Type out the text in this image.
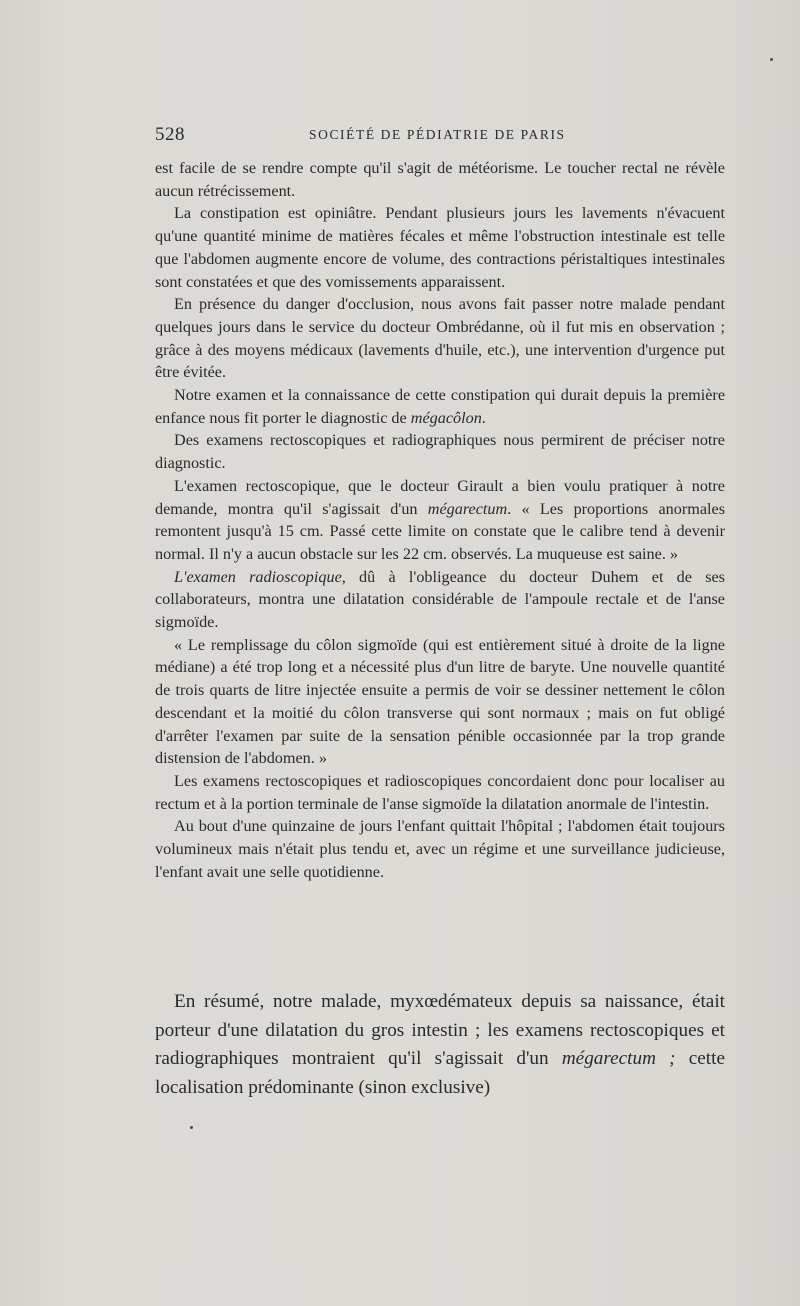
528	SOCIÉTÉ DE PÉDIATRIE DE PARIS

est facile de se rendre compte qu'il s'agit de météorisme. Le toucher rectal ne révèle aucun rétrécissement.

La constipation est opiniâtre. Pendant plusieurs jours les lavements n'évacuent qu'une quantité minime de matières fécales et même l'obstruction intestinale est telle que l'abdomen augmente encore de volume, des contractions péristaltiques intestinales sont constatées et que des vomissements apparaissent.

En présence du danger d'occlusion, nous avons fait passer notre malade pendant quelques jours dans le service du docteur Ombrédanne, où il fut mis en observation ; grâce à des moyens médicaux (lavements d'huile, etc.), une intervention d'urgence put être évitée.

Notre examen et la connaissance de cette constipation qui durait depuis la première enfance nous fit porter le diagnostic de mégacôlon.

Des examens rectoscopiques et radiographiques nous permirent de préciser notre diagnostic.

L'examen rectoscopique, que le docteur Girault a bien voulu pratiquer à notre demande, montra qu'il s'agissait d'un mégarectum. « Les proportions anormales remontent jusqu'à 15 cm. Passé cette limite on constate que le calibre tend à devenir normal. Il n'y a aucun obstacle sur les 22 cm. observés. La muqueuse est saine. »

L'examen radioscopique, dû à l'obligeance du docteur Duhem et de ses collaborateurs, montra une dilatation considérable de l'ampoule rectale et de l'anse sigmoïde.

« Le remplissage du côlon sigmoïde (qui est entièrement situé à droite de la ligne médiane) a été trop long et a nécessité plus d'un litre de baryte. Une nouvelle quantité de trois quarts de litre injectée ensuite a permis de voir se dessiner nettement le côlon descendant et la moitié du côlon transverse qui sont normaux ; mais on fut obligé d'arrêter l'examen par suite de la sensation pénible occasionnée par la trop grande distension de l'abdomen. »

Les examens rectoscopiques et radioscopiques concordaient donc pour localiser au rectum et à la portion terminale de l'anse sigmoïde la dilatation anormale de l'intestin.

Au bout d'une quinzaine de jours l'enfant quittait l'hôpital ; l'abdomen était toujours volumineux mais n'était plus tendu et, avec un régime et une surveillance judicieuse, l'enfant avait une selle quotidienne.

En résumé, notre malade, myxœdémateux depuis sa naissance, était porteur d'une dilatation du gros intestin ; les examens rectoscopiques et radiographiques montraient qu'il s'agissait d'un mégarectum ; cette localisation prédominante (sinon exclusive)
